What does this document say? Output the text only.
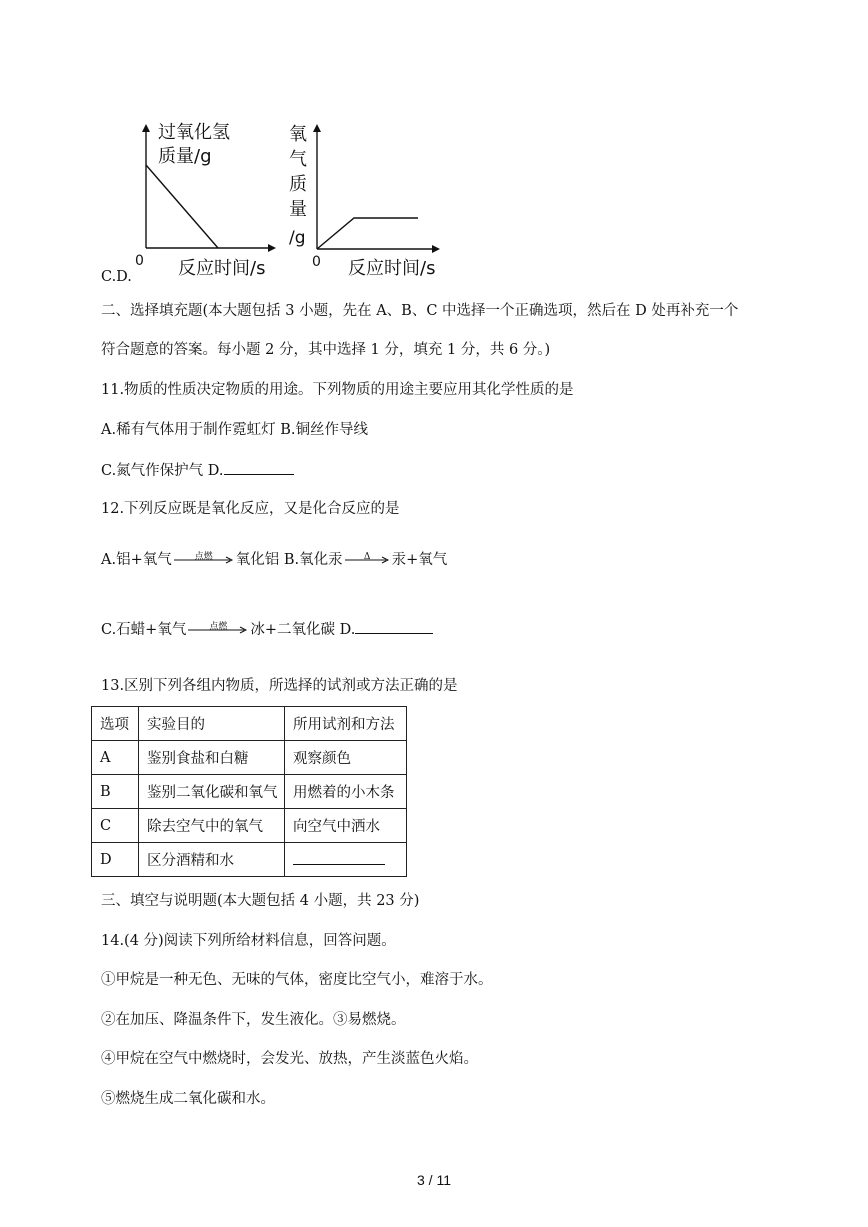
过氧化氢
质量/g
0 反应时间/s
氧
气
质
量
/g
0 反应时间/s
C.D.
二、选择填充题(本大题包括 3 小题，先在 A、B、C 中选择一个正确选项，然后在 D 处再补充一个
符合题意的答案。每小题 2 分，其中选择 1 分，填充 1 分，共 6 分。)
11.物质的性质决定物质的用途。下列物质的用途主要应用其化学性质的是
A.稀有气体用于制作霓虹灯 B.铜丝作导线
C.氮气作保护气 D.
12.下列反应既是氧化反应，又是化合反应的是
A.铝+氧气	点燃	氧化铝 B.氧化汞	Δ	汞+氧气
C.石蜡+氧气	点燃	冰+二氧化碳 D.
13.区别下列各组内物质，所选择的试剂或方法正确的是
选项	实验目的	所用试剂和方法
A	鉴别食盐和白糖	观察颜色
B	鉴别二氧化碳和氧气	用燃着的小木条
C	除去空气中的氧气	向空气中洒水
D	区分酒精和水	
三、填空与说明题(本大题包括 4 小题，共 23 分)
14.(4 分)阅读下列所给材料信息，回答问题。
①甲烷是一种无色、无味的气体，密度比空气小，难溶于水。
②在加压、降温条件下，发生液化。③易燃烧。
④甲烷在空气中燃烧时，会发光、放热，产生淡蓝色火焰。
⑤燃烧生成二氧化碳和水。
3 / 11
